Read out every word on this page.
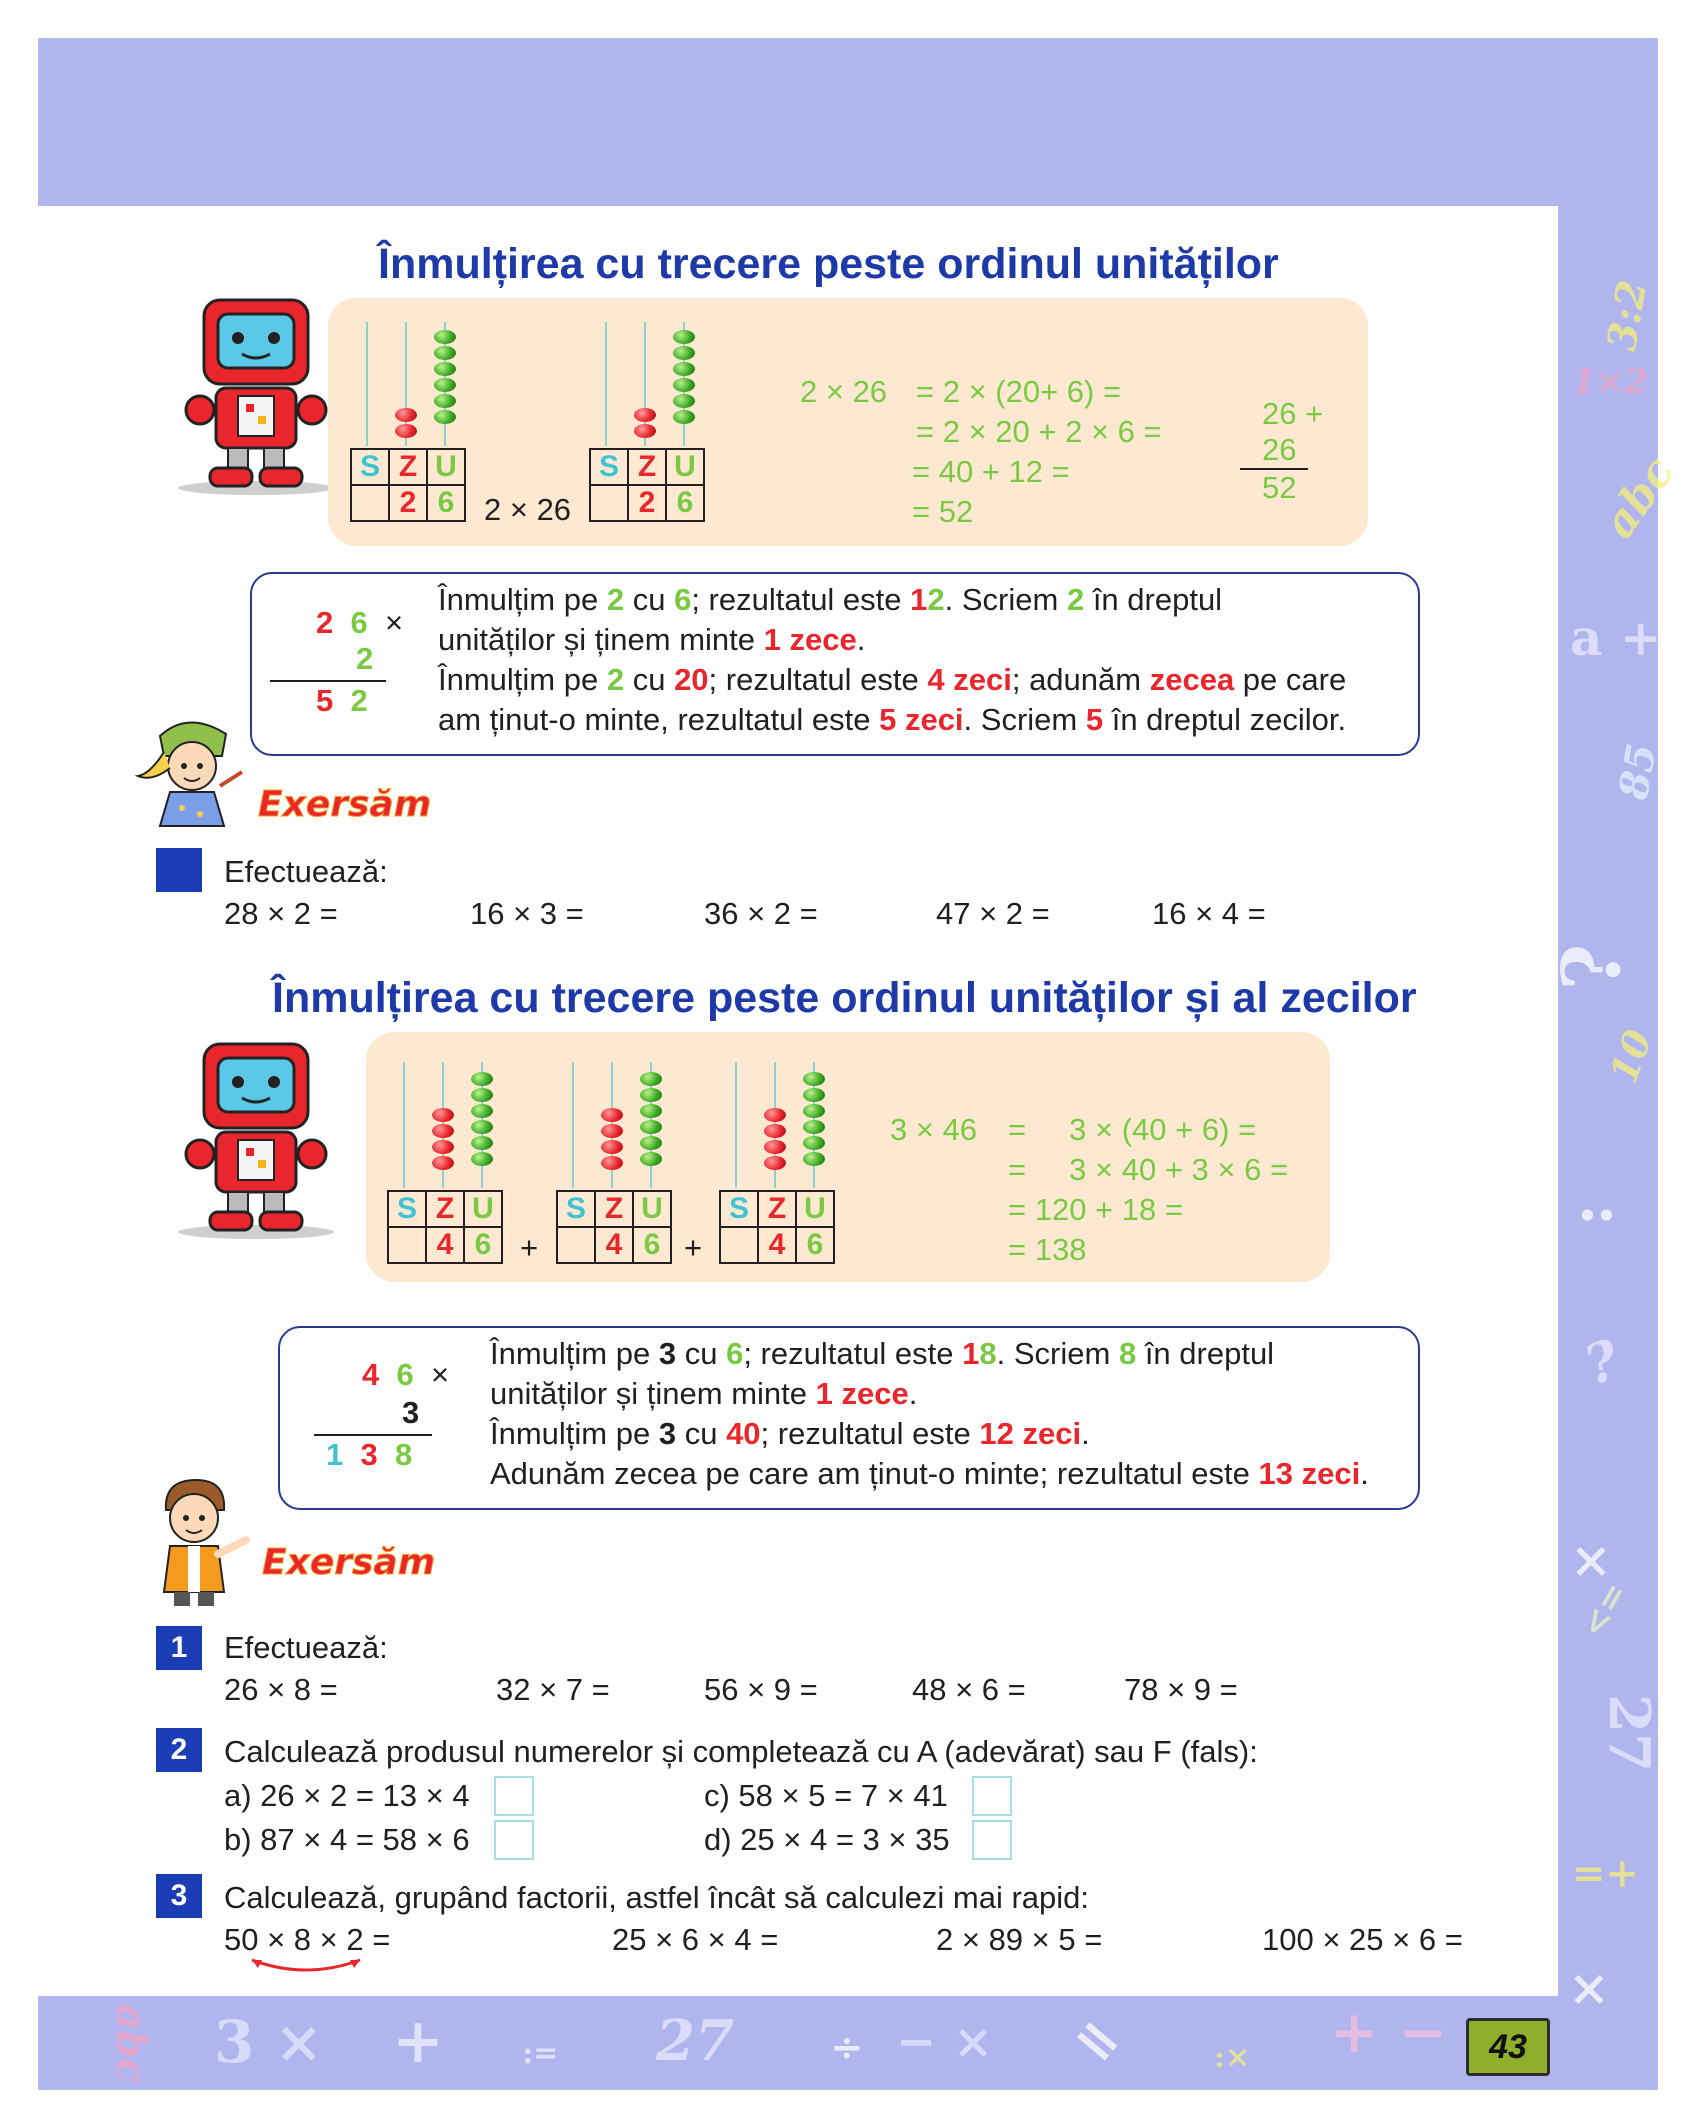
3:2
1×2
abc
a +
85
?
10
:
?
×
<=
27
=+
×
abc 3 × +	:= 27 ÷ − × =	:× + −	43
Înmulțirea cu trecere peste ordinul unităților
S	Z	U
	2	6 2 × 26
S	Z	U
	2	6
2 × 26 = 2 × (20+ 6) =
= 2 × 20 + 2 × 6 =
= 40 + 12 =
= 52
26 +
26
52
2 6 ×
2
5 2
Înmulțim pe 2 cu 6; rezultatul este 12. Scriem 2 în dreptul
unităților și ținem minte 1 zece.
Înmulțim pe 2 cu 20; rezultatul este 4 zeci; adunăm zecea pe care
am ținut-o minte, rezultatul este 5 zeci. Scriem 5 în dreptul zecilor.
Exersăm
Efectuează:
28 × 2 =	16 × 3 =	36 × 2 =	47 × 2 =	16 × 4 =
Înmulțirea cu trecere peste ordinul unităților și al zecilor
S	Z	U
	4	6 +
S	Z	U
	4	6 +
S	Z	U
	4	6
3 × 46 =     3 × (40 + 6) =
=     3 × 40 + 3 × 6 =
= 120 + 18 =
= 138
4 6 ×
3
1 3 8
Înmulțim pe 3 cu 6; rezultatul este 18. Scriem 8 în dreptul
unităților și ținem minte 1 zece.
Înmulțim pe 3 cu 40; rezultatul este 12 zeci.
Adunăm zecea pe care am ținut-o minte; rezultatul este 13 zeci.
Exersăm
1	Efectuează:
26 × 8 =	32 × 7 =	56 × 9 =	48 × 6 =	78 × 9 =
2	Calculează produsul numerelor și completează cu A (adevărat) sau F (fals):
a) 26 × 2 = 13 × 4
b) 87 × 4 = 58 × 6
c) 58 × 5 = 7 × 41
d) 25 × 4 = 3 × 35
3	Calculează, grupând factorii, astfel încât să calculezi mai rapid:
50 × 8 × 2 =	25 × 6 × 4 =	2 × 89 × 5 =	100 × 25 × 6 =
